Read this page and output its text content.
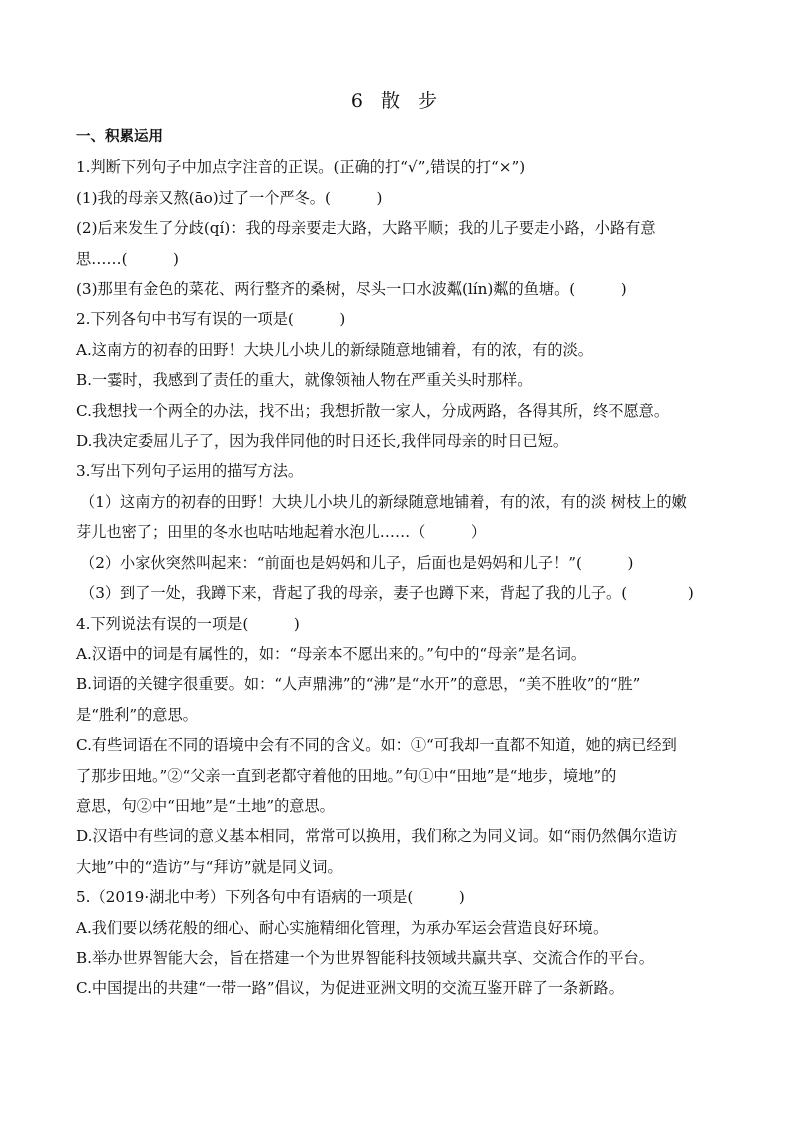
6 散 步
一、积累运用
1.判断下列句子中加点字注音的正误。(正确的打“√”,错误的打“×”)
(1)我的母亲又熬(āo)过了一个严冬。(　　　)
(2)后来发生了分歧(qí)：我的母亲要走大路，大路平顺；我的儿子要走小路，小路有意
思……(　　　)
(3)那里有金色的菜花、两行整齐的桑树，尽头一口水波粼(lín)粼的鱼塘。(　　　)
2.下列各句中书写有误的一项是(　　　)
A.这南方的初春的田野！大块儿小块儿的新绿随意地铺着，有的浓，有的淡。
B.一霎时，我感到了责任的重大，就像领袖人物在严重关头时那样。
C.我想找一个两全的办法，找不出；我想折散一家人，分成两路，各得其所，终不愿意。
D.我决定委屈儿子了，因为我伴同他的时日还长,我伴同母亲的时日已短。
3.写出下列句子运用的描写方法。
（1）这南方的初春的田野！大块儿小块儿的新绿随意地铺着，有的浓，有的淡 树枝上的嫩
芽儿也密了；田里的冬水也咕咕地起着水泡儿……（　　　）
（2）小家伙突然叫起来：“前面也是妈妈和儿子，后面也是妈妈和儿子！”(　　　)
（3）到了一处，我蹲下来，背起了我的母亲，妻子也蹲下来，背起了我的儿子。(　　　　)
4.下列说法有误的一项是(　　　)
A.汉语中的词是有属性的，如：“母亲本不愿出来的。”句中的“母亲”是名词。
B.词语的关键字很重要。如：“人声鼎沸”的“沸”是“水开”的意思，“美不胜收”的“胜”
是“胜利”的意思。
C.有些词语在不同的语境中会有不同的含义。如：①“可我却一直都不知道，她的病已经到
了那步田地。”②“父亲一直到老都守着他的田地。”句①中“田地”是“地步，境地”的
意思，句②中“田地”是“土地”的意思。
D.汉语中有些词的意义基本相同，常常可以换用，我们称之为同义词。如“雨仍然偶尔造访
大地”中的“造访”与“拜访”就是同义词。
5.（2019·湖北中考）下列各句中有语病的一项是(　　　)
A.我们要以绣花般的细心、耐心实施精细化管理，为承办军运会营造良好环境。
B.举办世界智能大会，旨在搭建一个为世界智能科技领域共赢共享、交流合作的平台。
C.中国提出的共建“一带一路”倡议，为促进亚洲文明的交流互鉴开辟了一条新路。
